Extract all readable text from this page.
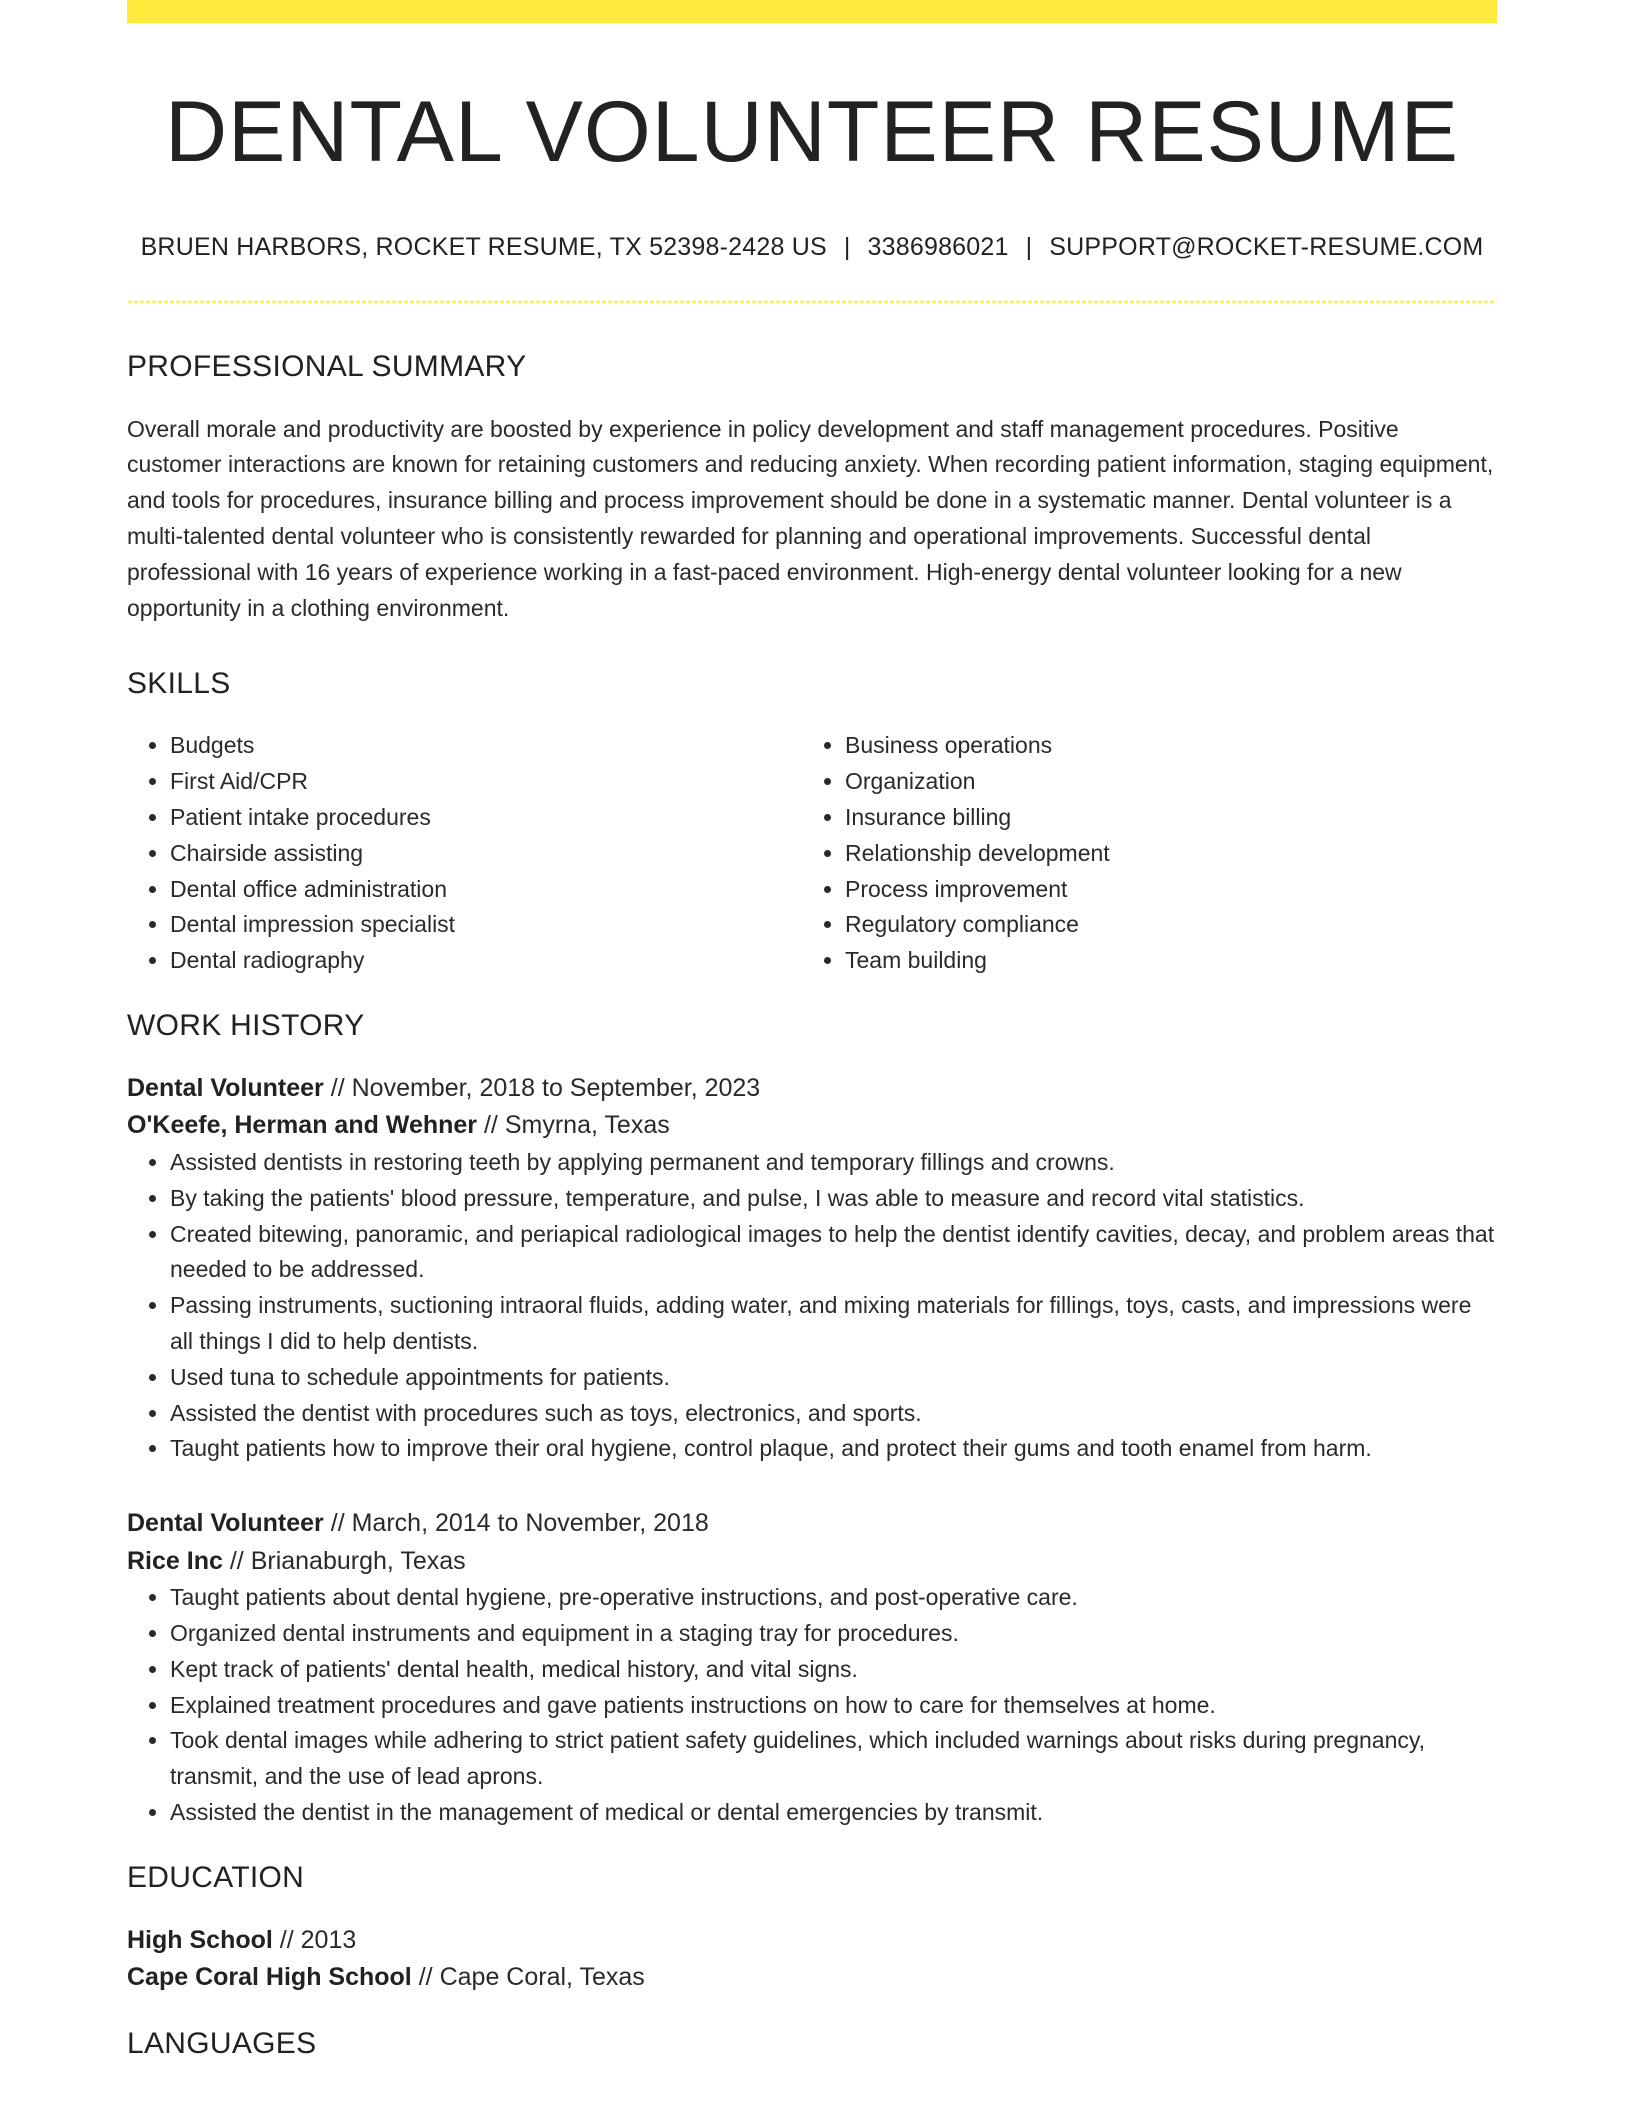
DENTAL VOLUNTEER RESUME
BRUEN HARBORS, ROCKET RESUME, TX 52398-2428 US | 3386986021 | SUPPORT@ROCKET-RESUME.COM
PROFESSIONAL SUMMARY

Overall morale and productivity are boosted by experience in policy development and staff management procedures. Positive customer interactions are known for retaining customers and reducing anxiety. When recording patient information, staging equipment, and tools for procedures, insurance billing and process improvement should be done in a systematic manner. Dental volunteer is a multi-talented dental volunteer who is consistently rewarded for planning and operational improvements. Successful dental professional with 16 years of experience working in a fast-paced environment. High-energy dental volunteer looking for a new opportunity in a clothing environment.

SKILLS
• Budgets
• First Aid/CPR
• Patient intake procedures
• Chairside assisting
• Dental office administration
• Dental impression specialist
• Dental radiography
• Business operations
• Organization
• Insurance billing
• Relationship development
• Process improvement
• Regulatory compliance
• Team building
WORK HISTORY
Dental Volunteer // November, 2018 to September, 2023
O'Keefe, Herman and Wehner // Smyrna, Texas
• Assisted dentists in restoring teeth by applying permanent and temporary fillings and crowns.
• By taking the patients' blood pressure, temperature, and pulse, I was able to measure and record vital statistics.
• Created bitewing, panoramic, and periapical radiological images to help the dentist identify cavities, decay, and problem areas that needed to be addressed.
• Passing instruments, suctioning intraoral fluids, adding water, and mixing materials for fillings, toys, casts, and impressions were all things I did to help dentists.
• Used tuna to schedule appointments for patients.
• Assisted the dentist with procedures such as toys, electronics, and sports.
• Taught patients how to improve their oral hygiene, control plaque, and protect their gums and tooth enamel from harm.
Dental Volunteer // March, 2014 to November, 2018
Rice Inc // Brianaburgh, Texas
• Taught patients about dental hygiene, pre-operative instructions, and post-operative care.
• Organized dental instruments and equipment in a staging tray for procedures.
• Kept track of patients' dental health, medical history, and vital signs.
• Explained treatment procedures and gave patients instructions on how to care for themselves at home.
• Took dental images while adhering to strict patient safety guidelines, which included warnings about risks during pregnancy, transmit, and the use of lead aprons.
• Assisted the dentist in the management of medical or dental emergencies by transmit.
EDUCATION
High School // 2013
Cape Coral High School // Cape Coral, Texas
LANGUAGES
